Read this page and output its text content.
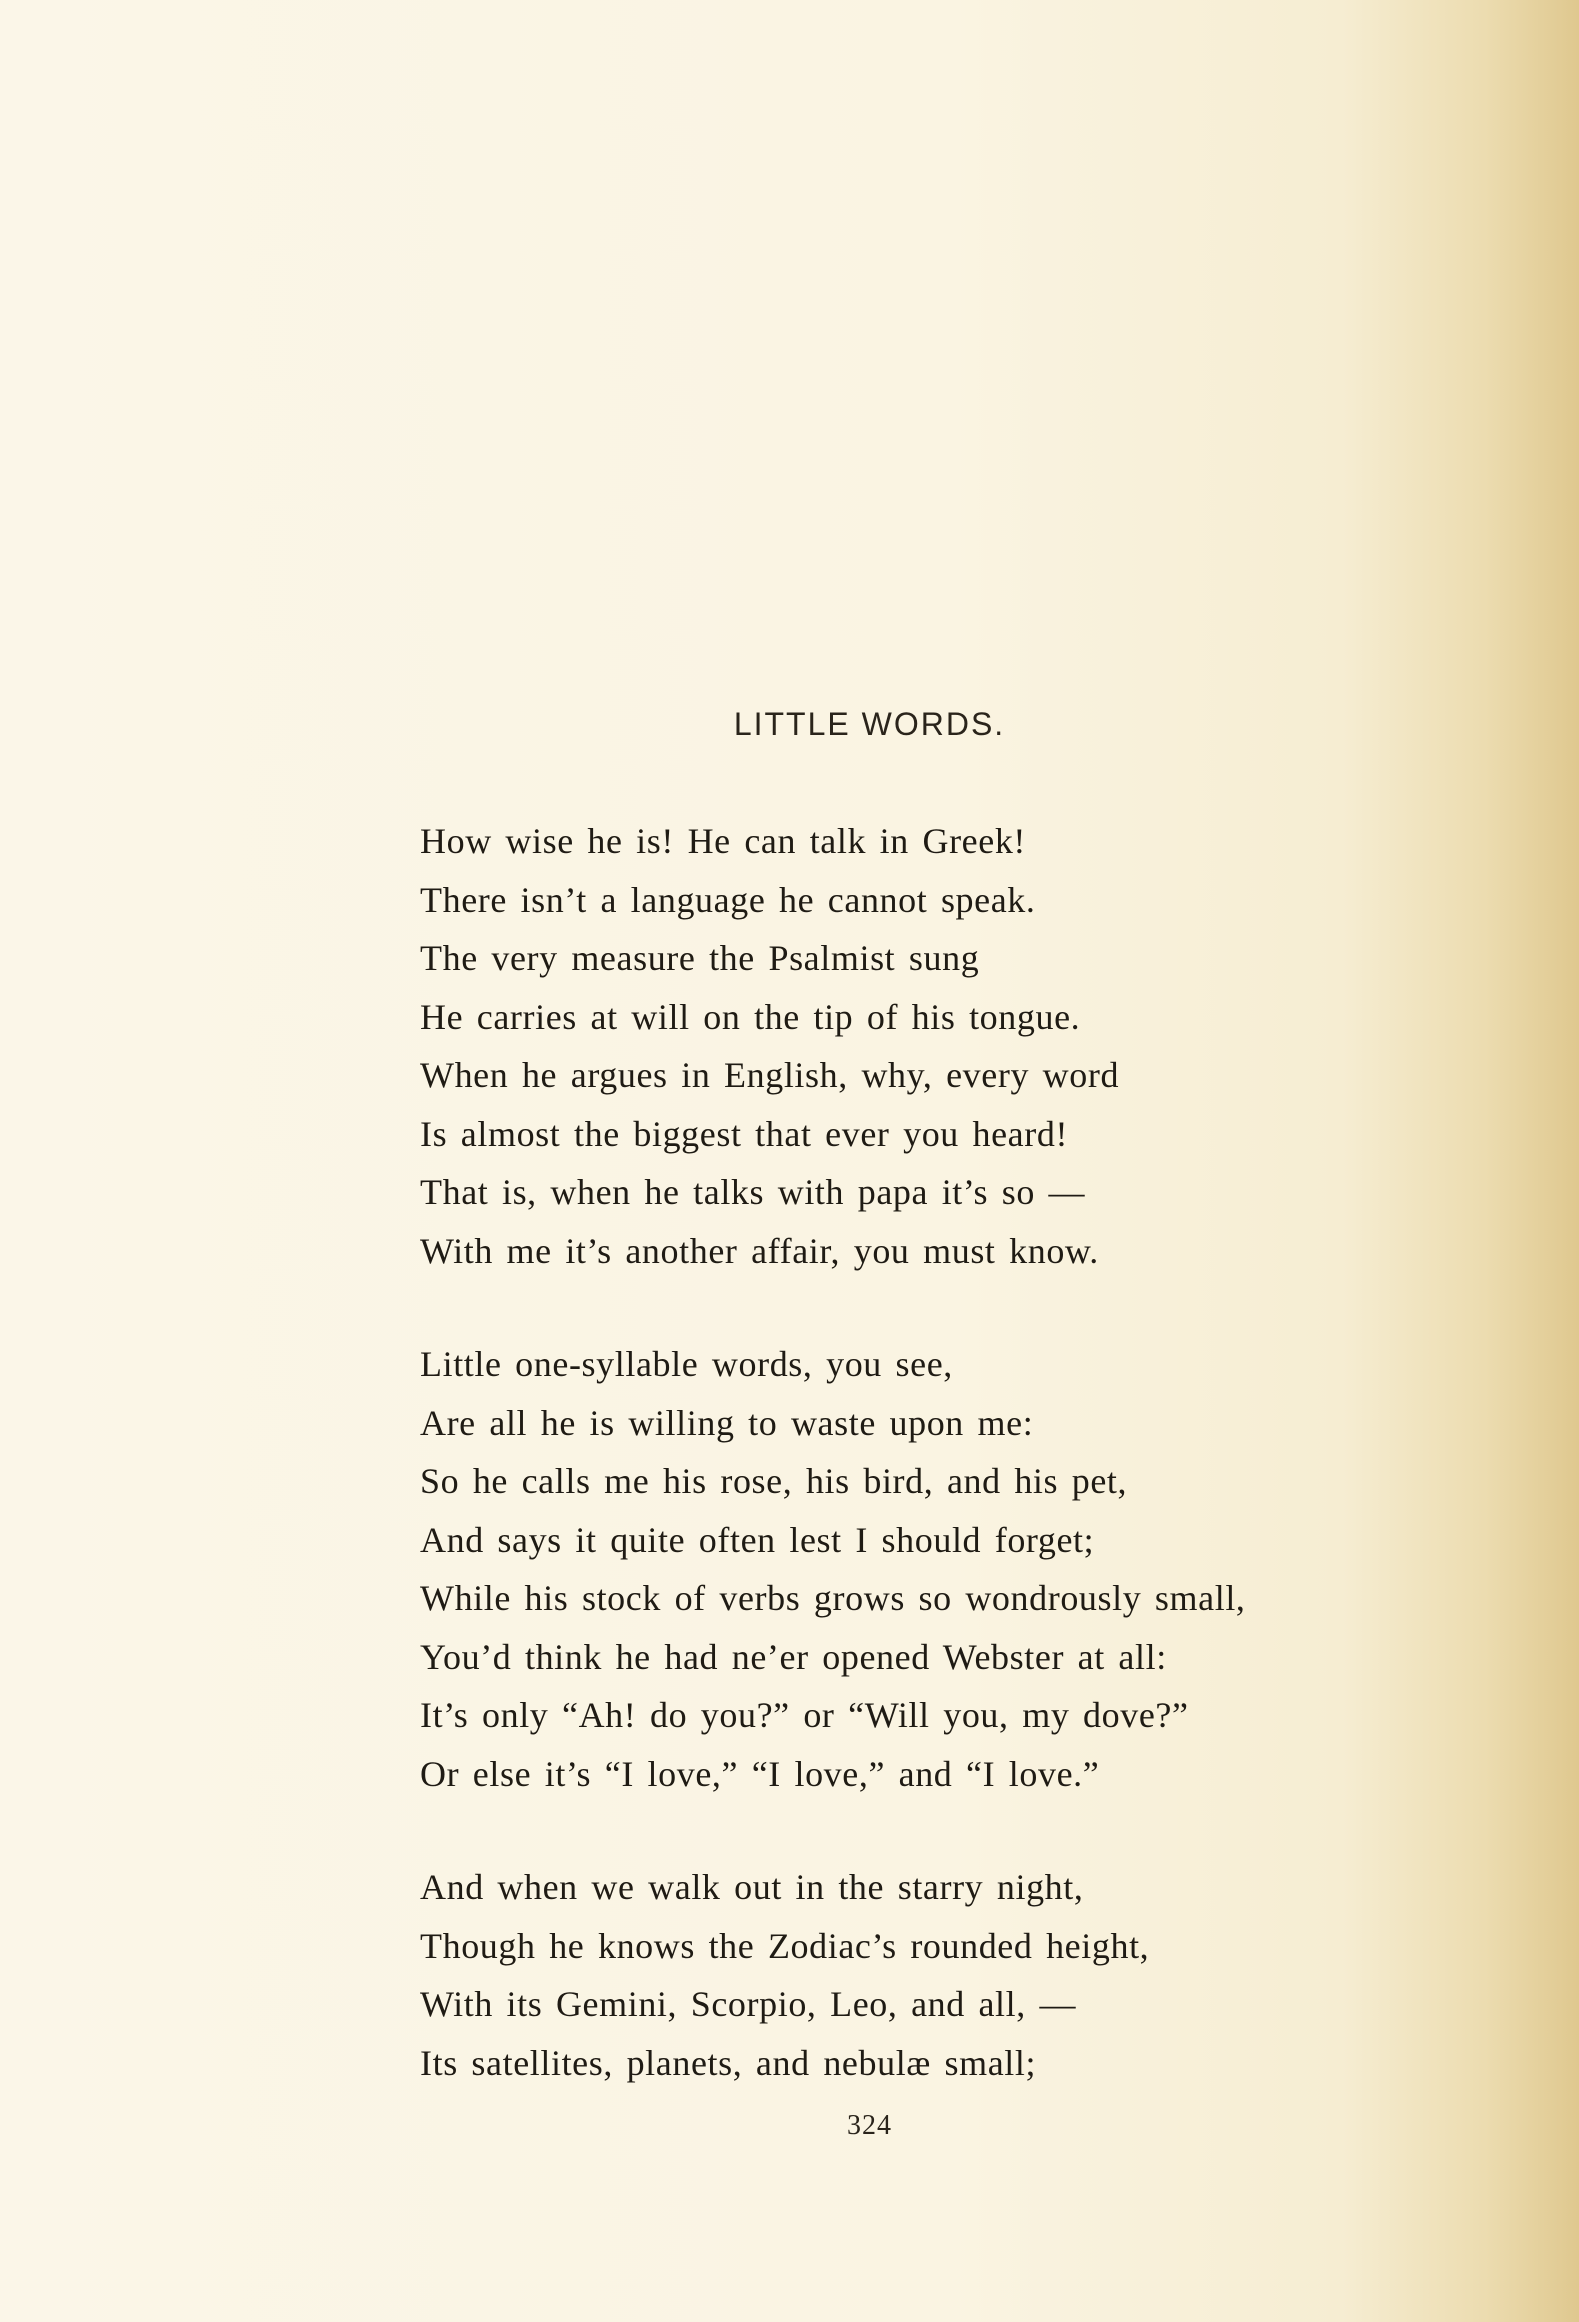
LITTLE WORDS.
How wise he is! He can talk in Greek!
There isn’t a language he cannot speak.
The very measure the Psalmist sung
He carries at will on the tip of his tongue.
When he argues in English, why, every word
Is almost the biggest that ever you heard!
That is, when he talks with papa it’s so —
With me it’s another affair, you must know.
Little one-syllable words, you see,
Are all he is willing to waste upon me:
So he calls me his rose, his bird, and his pet,
And says it quite often lest I should forget;
While his stock of verbs grows so wondrously small,
You’d think he had ne’er opened Webster at all:
It’s only “Ah! do you?” or “Will you, my dove?”
Or else it’s “I love,” “I love,” and “I love.”
And when we walk out in the starry night,
Though he knows the Zodiac’s rounded height,
With its Gemini, Scorpio, Leo, and all, —
Its satellites, planets, and nebulæ small;
324
